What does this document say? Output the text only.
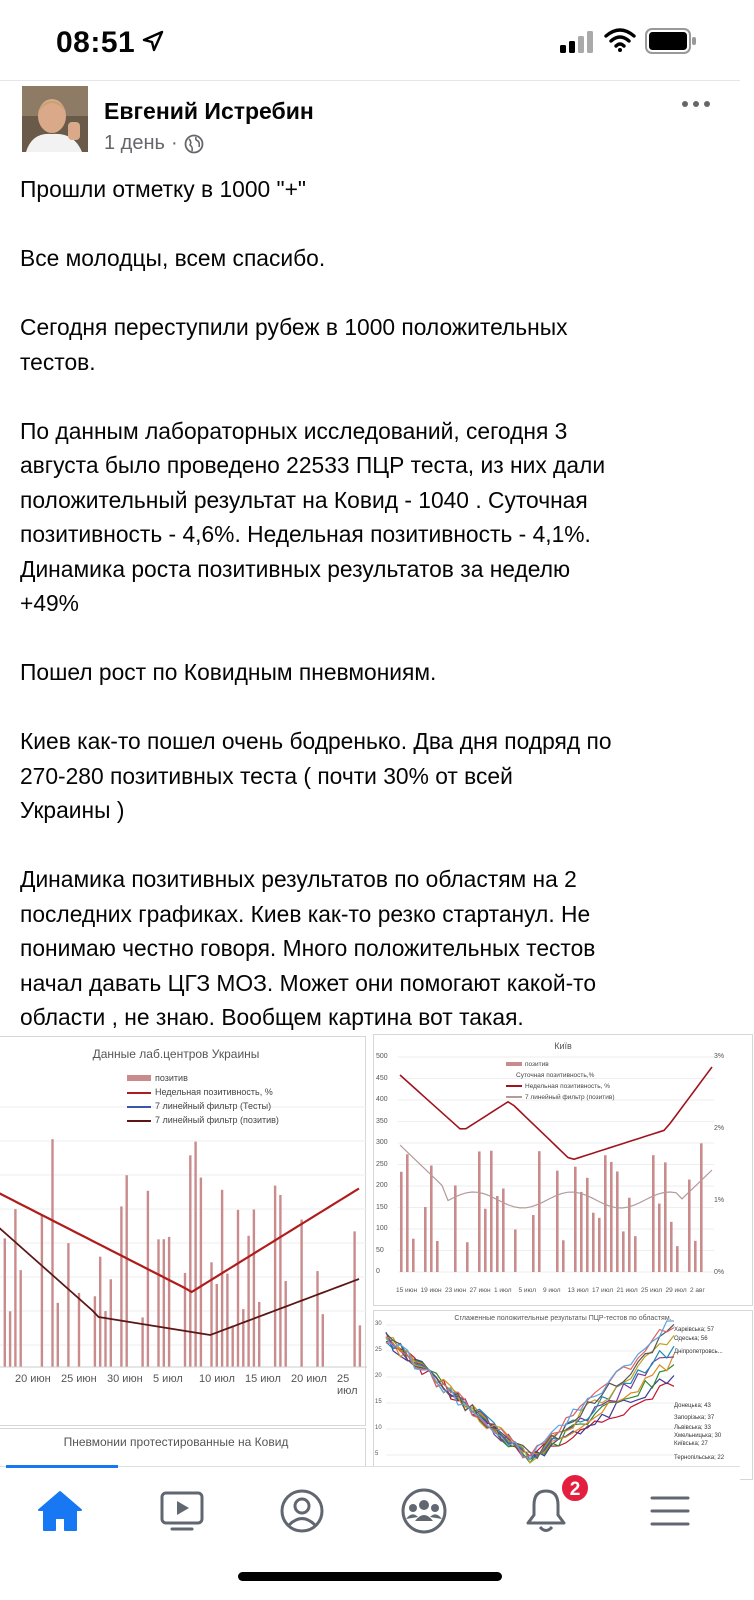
08:51
Евгений Истребин
1 день ·

Прошли отметку в 1000 "+"

Все молодцы, всем спасибо.

Сегодня переступили рубеж в 1000 положительных
тестов.

По данным лабораторных исследований, сегодня 3
августа было проведено 22533 ПЦР теста, из них дали
положительный результат на Ковид - 1040 . Суточная
позитивность - 4,6%. Недельная позитивность - 4,1%.
Динамика роста позитивных результатов за неделю
+49%

Пошел рост по Ковидным пневмониям.

Киев как-то пошел очень бодренько. Два дня подряд по
270-280 позитивных теста ( почти 30% от всей
Украины )

Динамика позитивных результатов по областям на 2
последних графиках. Киев как-то резко стартанул. Не
понимаю честно говоря. Много положительных тестов
начал давать ЦГЗ МОЗ. Может они помогают какой-то
области , не знаю. Вообщем картина вот такая.

Данные лаб.центров Украины
позитив
Недельная позитивность, %
7 линейный фильтр (Тесты)
7 линейный фильтр (позитив)
20 июн 25 июн 30 июн 5 июл 10 июл 15 июл 20 июл 25 июл
Пневмонии протестированные на Ковид
Київ
500
450
400
350
300
250
200
150
100
50
0
3%
2%
1%
0%
позитив
Суточная позитивность,%
Недельная позитивность, %
7 линейный фильтр (позитив)
15 июн 19 июн 23 июн 27 июн 1 июл 5 июл 9 июл 13 июл 17 июл 21 июл 25 июл 29 июл 2 авг
Сглаженные положительные результаты ПЦР-тестов по областям.
30
25
20
15
10
5
Харківська; 57
Одеська; 56
Дніпропетровсь...
Донецька; 43
Запорізька; 37
Львівська; 33
Хмельницька; 30
Київська; 27
Тернопільська; 22
2
